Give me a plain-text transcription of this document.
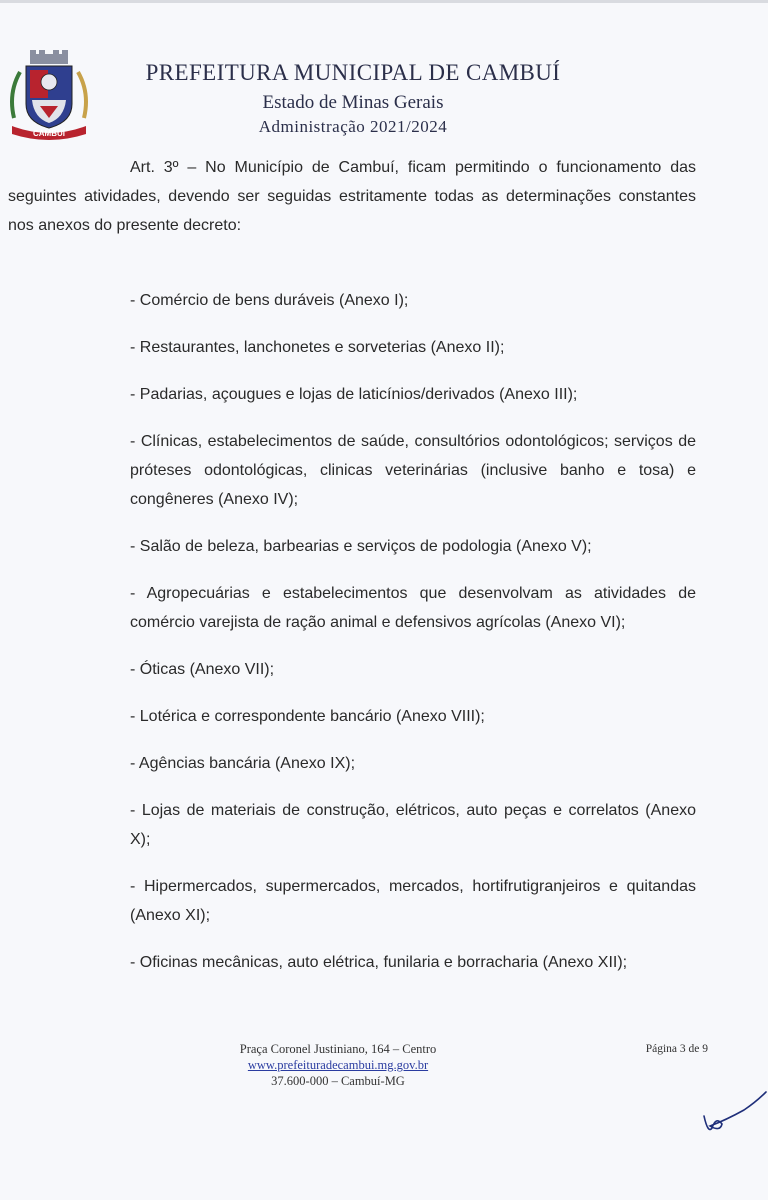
CAMBUÍ
PREFEITURA MUNICIPAL DE CAMBUÍ
Estado de Minas Gerais
Administração 2021/2024

Art. 3º – No Município de Cambuí, ficam permitindo o funcionamento das seguintes atividades, devendo ser seguidas estritamente todas as determinações constantes nos anexos do presente decreto:

- Comércio de bens duráveis (Anexo I);

- Restaurantes, lanchonetes e sorveterias (Anexo II);

- Padarias, açougues e lojas de laticínios/derivados (Anexo III);

- Clínicas, estabelecimentos de saúde, consultórios odontológicos; serviços de próteses odontológicas, clinicas veterinárias (inclusive banho e tosa) e congêneres (Anexo IV);

- Salão de beleza, barbearias e serviços de podologia (Anexo V);

- Agropecuárias e estabelecimentos que desenvolvam as atividades de comércio varejista de ração animal e defensivos agrícolas (Anexo VI);

- Óticas (Anexo VII);

- Lotérica e correspondente bancário (Anexo VIII);

- Agências bancária (Anexo IX);

- Lojas de materiais de construção, elétricos, auto peças e correlatos (Anexo X);

- Hipermercados, supermercados, mercados, hortifrutigranjeiros e quitandas (Anexo XI);

- Oficinas mecânicas, auto elétrica, funilaria e borracharia (Anexo XII);

Praça Coronel Justiniano, 164 – Centro
www.prefeituradecambui.mg.gov.br
37.600-000 – Cambuí-MG
Página 3 de 9
